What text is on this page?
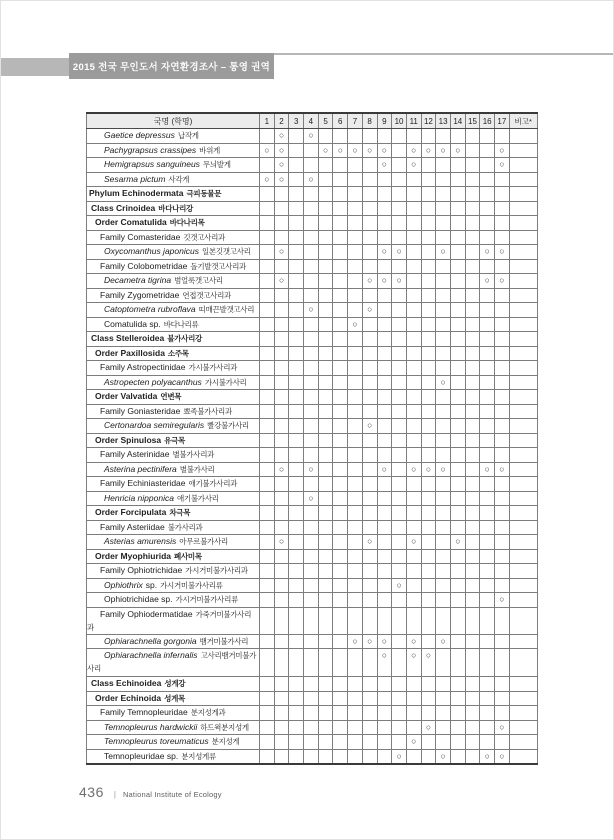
2015 전국 무인도서 자연환경조사 – 통영 권역
국명 (학명)	1	2	3	4	5	6	7	8	9	10	11	12	13	14	15	16	17	비고*
Gaetice depressus 납작게		○		○														
Pachygrapsus crassipes 바위게	○	○			○	○	○	○	○		○	○	○	○			○	
Hemigrapsus sanguineus 무늬발게		○							○		○						○	
Sesarma pictum 사각게	○	○		○														
Phylum Echinodermata 극피동물문																		
Class Crinoidea 바다나리강																		
Order Comatulida 바다나리목																		
Family Comasteridae 깃갯고사리과																		
Oxycomanthus japonicus 일본깃갯고사리		○							○	○			○			○	○	
Family Colobometridae 돌기발갯고사리과																		
Decametra tigrina 범얼룩갯고사리		○						○	○	○						○	○	
Family Zygometridae 연접갯고사리과																		
Catoptometra rubroflava 띠매끈발갯고사리				○				○										
Comatulida sp. 바다나리류							○											
Class Stelleroidea 불가사리강																		
Order Paxillosida 소주목																		
Family Astropectinidae 가시불가사리과																		
Astropecten polyacanthus 가시불가사리													○					
Order Valvatida 연변목																		
Family Goniasteridae 뾰족불가사리과																		
Certonardoa semiregularis 빨강불가사리								○										
Order Spinulosa 유극목																		
Family Asterinidae 별불가사리과																		
Asterina pectinifera 별불가사리		○		○					○		○	○	○			○	○	
Family Echiniasteridae 애기불가사리과																		
Henricia nipponica 애기불가사리				○														
Order Forcipulata 차극목																		
Family Asteriidae 불가사리과																		
Asterias amurensis 아무르불가사리		○						○			○			○				
Order Myophiurida 폐사미목																		
Family Ophiotrichidae 가시거미불가사리과																		
Ophiothrix sp. 가시거미불가사리류										○								
Ophiotrichidae sp. 가시거미불가사리류																	○	
Family Ophiodermatidae 가죽거미불가사리과																		
Ophiarachnella gorgonia 뱀거미불가사리							○	○	○		○		○					
Ophiarachnella infernalis 고사리뱀거미불가사리									○		○	○						
Class Echinoidea 성게강																		
Order Echinoida 성게목																		
Family Temnopleuridae 분지성게과																		
Temnopleurus hardwickii 하드윅분지성게												○					○	
Temnopleurus toreumaticus 분지성게											○							
Temnopleuridae sp. 분지성게류										○			○			○	○	
436 | National Institute of Ecology
